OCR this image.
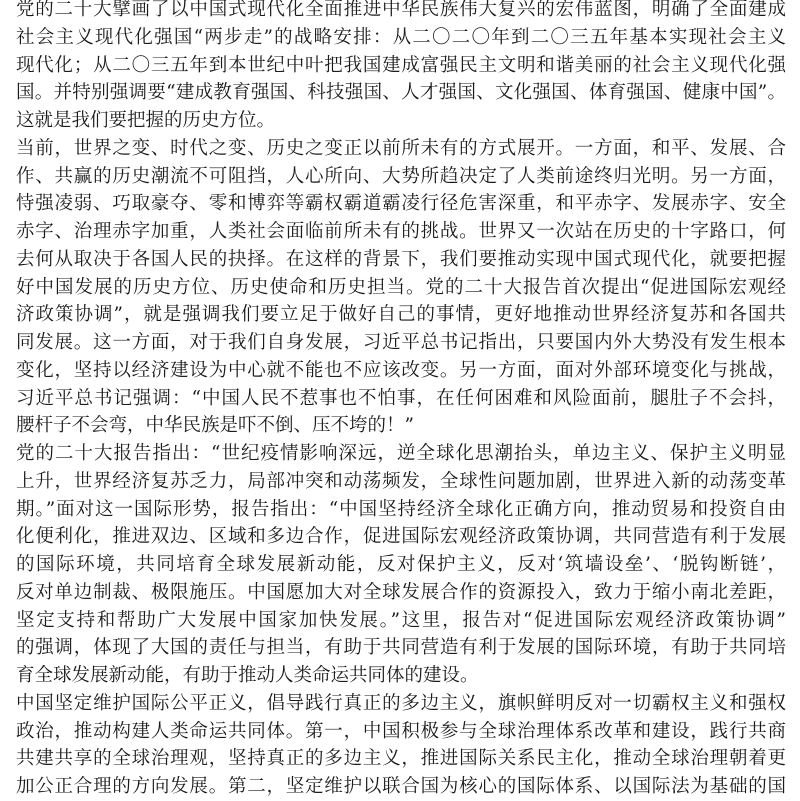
党的二十大擘画了以中国式现代化全面推进中华民族伟大复兴的宏伟蓝图，明确了全面建成
社会主义现代化强国“两步走”的战略安排：从二〇二〇年到二〇三五年基本实现社会主义
现代化；从二〇三五年到本世纪中叶把我国建成富强民主文明和谐美丽的社会主义现代化强
国。并特别强调要“建成教育强国、科技强国、人才强国、文化强国、体育强国、健康中国”。
这就是我们要把握的历史方位。
当前，世界之变、时代之变、历史之变正以前所未有的方式展开。一方面，和平、发展、合
作、共赢的历史潮流不可阻挡，人心所向、大势所趋决定了人类前途终归光明。另一方面，
恃强凌弱、巧取豪夺、零和博弈等霸权霸道霸凌行径危害深重，和平赤字、发展赤字、安全
赤字、治理赤字加重，人类社会面临前所未有的挑战。世界又一次站在历史的十字路口，何
去何从取决于各国人民的抉择。在这样的背景下，我们要推动实现中国式现代化，就要把握
好中国发展的历史方位、历史使命和历史担当。党的二十大报告首次提出“促进国际宏观经
济政策协调”，就是强调我们要立足于做好自己的事情，更好地推动世界经济复苏和各国共
同发展。这一方面，对于我们自身发展，习近平总书记指出，只要国内外大势没有发生根本
变化，坚持以经济建设为中心就不能也不应该改变。另一方面，面对外部环境变化与挑战，
习近平总书记强调：“中国人民不惹事也不怕事，在任何困难和风险面前，腿肚子不会抖，
腰杆子不会弯，中华民族是吓不倒、压不垮的！”
党的二十大报告指出：“世纪疫情影响深远，逆全球化思潮抬头，单边主义、保护主义明显
上升，世界经济复苏乏力，局部冲突和动荡频发，全球性问题加剧，世界进入新的动荡变革
期。”面对这一国际形势，报告指出：“中国坚持经济全球化正确方向，推动贸易和投资自由
化便利化，推进双边、区域和多边合作，促进国际宏观经济政策协调，共同营造有利于发展
的国际环境，共同培育全球发展新动能，反对保护主义，反对‘筑墙设垒’、‘脱钩断链’，
反对单边制裁、极限施压。中国愿加大对全球发展合作的资源投入，致力于缩小南北差距，
坚定支持和帮助广大发展中国家加快发展。”这里，报告对“促进国际宏观经济政策协调”
的强调，体现了大国的责任与担当，有助于共同营造有利于发展的国际环境，有助于共同培
育全球发展新动能，有助于推动人类命运共同体的建设。
中国坚定维护国际公平正义，倡导践行真正的多边主义，旗帜鲜明反对一切霸权主义和强权
政治，推动构建人类命运共同体。第一，中国积极参与全球治理体系改革和建设，践行共商
共建共享的全球治理观，坚持真正的多边主义，推进国际关系民主化，推动全球治理朝着更
加公正合理的方向发展。第二，坚定维护以联合国为核心的国际体系、以国际法为基础的国
